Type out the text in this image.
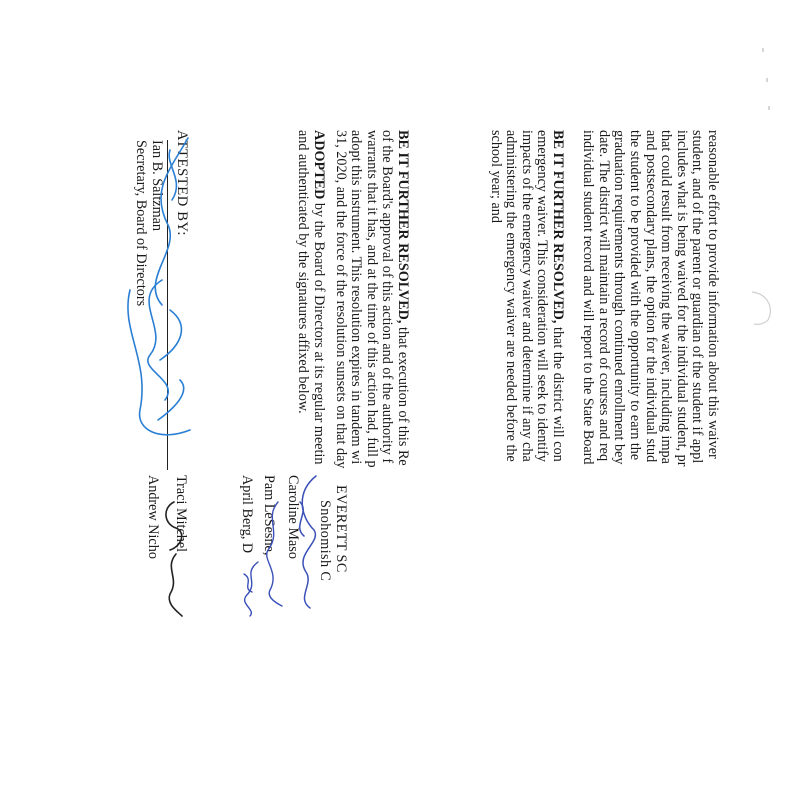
reasonable effort to provide information about this waiver
student, and of the parent or guardian of the student if appl
includes what is being waived for the individual student, pr
that could result from receiving the waiver, including impa
and postsecondary plans, the option for the individual stud
the student to be provided with the opportunity to earn the
graduation requirements through continued enrollment bey
date. The district will maintain a record of courses and req
individual student record and will report to the State Board
BE IT FURTHER RESOLVED, that the district will con
emergency waiver. This consideration will seek to identify
impacts of the emergency waiver and determine if any cha
administering the emergency waiver are needed before the
school year; and
BE IT FURTHER RESOLVED, that execution of this Re
of the Board's approval of this action and of the authority f
warrants that it has, and at the time of this action had, full p
adopt this instrument. This resolution expires in tandem wi
31, 2020, and the force of the resolution sunsets on that day
ADOPTED by the Board of Directors at its regular meetin
and authenticated by the signatures affixed below.
EVERETT SC
Snohomish C
Caroline Maso
Pam LeSesne,
April Berg, D
Traci Mitchel
Andrew Nicho
ATTESTED BY:
Ian B. Saltzman
Secretary, Board of Directors
